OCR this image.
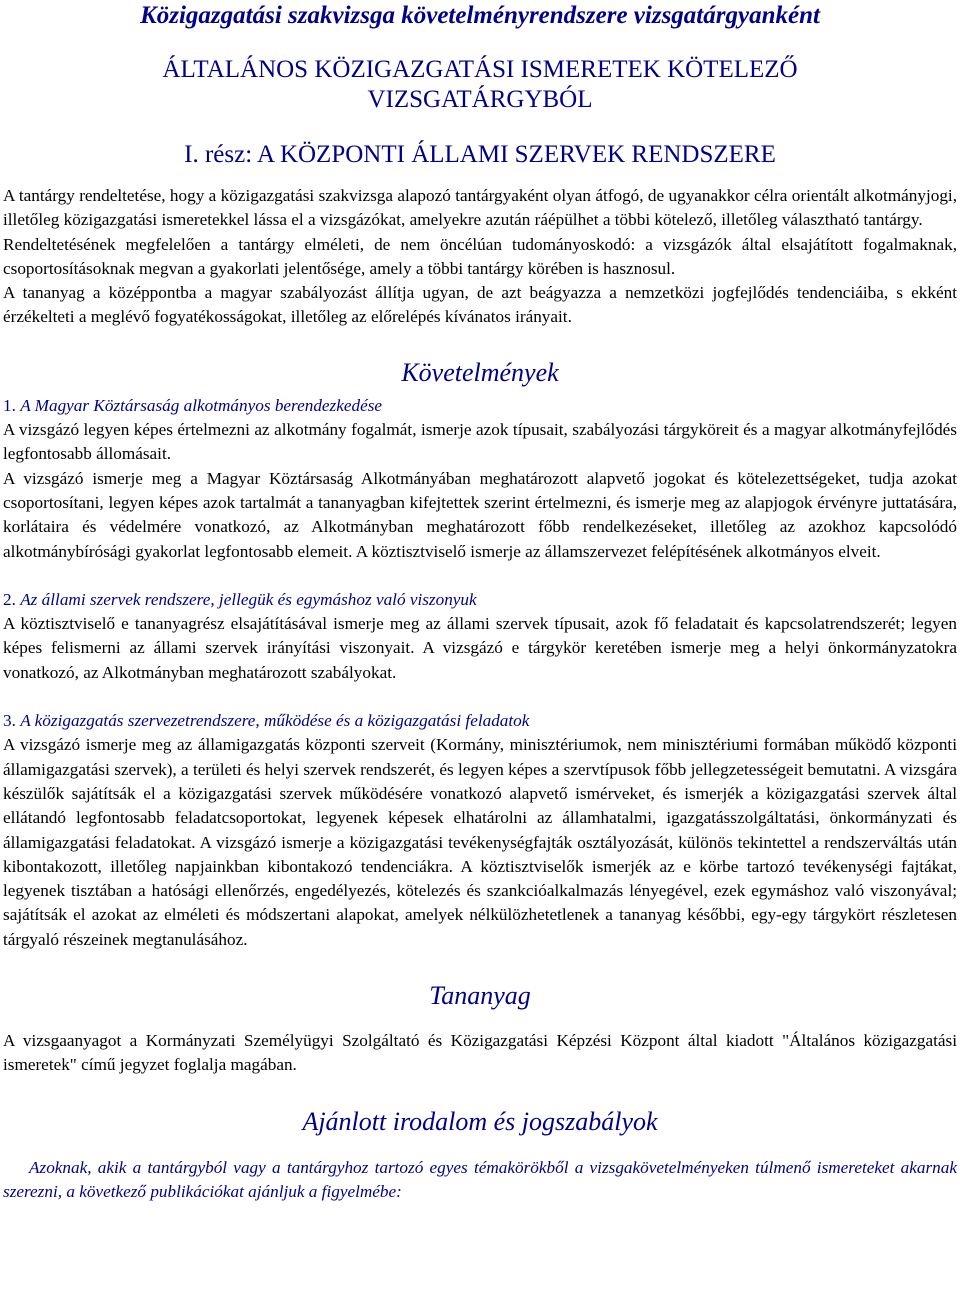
Közigazgatási szakvizsga követelményrendszere vizsgatárgyanként
ÁLTALÁNOS KÖZIGAZGATÁSI ISMERETEK KÖTELEZŐ
VIZSGATÁRGYBÓL
I. rész: A KÖZPONTI ÁLLAMI SZERVEK RENDSZERE

A tantárgy rendeltetése, hogy a közigazgatási szakvizsga alapozó tantárgyaként olyan átfogó, de ugyanakkor célra orientált alkotmányjogi, illetőleg közigazgatási ismeretekkel lássa el a vizsgázókat, amelyekre azután ráépülhet a többi kötelező, illetőleg választható tantárgy.

Rendeltetésének megfelelően a tantárgy elméleti, de nem öncélúan tudományoskodó: a vizsgázók által elsajátított fogalmaknak, csoportosításoknak megvan a gyakorlati jelentősége, amely a többi tantárgy körében is hasznosul.

A tananyag a középpontba a magyar szabályozást állítja ugyan, de azt beágyazza a nemzetközi jogfejlődés tendenciáiba, s ekként érzékelteti a meglévő fogyatékosságokat, illetőleg az előrelépés kívánatos irányait.

Követelmények
1. A Magyar Köztársaság alkotmányos berendezkedése

A vizsgázó legyen képes értelmezni az alkotmány fogalmát, ismerje azok típusait, szabályozási tárgyköreit és a magyar alkotmányfejlődés legfontosabb állomásait.

A vizsgázó ismerje meg a Magyar Köztársaság Alkotmányában meghatározott alapvető jogokat és kötelezettségeket, tudja azokat csoportosítani, legyen képes azok tartalmát a tananyagban kifejtettek szerint értelmezni, és ismerje meg az alapjogok érvényre juttatására, korlátaira és védelmére vonatkozó, az Alkotmányban meghatározott főbb rendelkezéseket, illetőleg az azokhoz kapcsolódó alkotmánybírósági gyakorlat legfontosabb elemeit. A köztisztviselő ismerje az államszervezet felépítésének alkotmányos elveit.

2. Az állami szervek rendszere, jellegük és egymáshoz való viszonyuk

A köztisztviselő e tananyagrész elsajátításával ismerje meg az állami szervek típusait, azok fő feladatait és kapcsolatrendszerét; legyen képes felismerni az állami szervek irányítási viszonyait. A vizsgázó e tárgykör keretében ismerje meg a helyi önkormányzatokra vonatkozó, az Alkotmányban meghatározott szabályokat.

3. A közigazgatás szervezetrendszere, működése és a közigazgatási feladatok

A vizsgázó ismerje meg az államigazgatás központi szerveit (Kormány, minisztériumok, nem minisztériumi formában működő központi államigazgatási szervek), a területi és helyi szervek rendszerét, és legyen képes a szervtípusok főbb jellegzetességeit bemutatni. A vizsgára készülők sajátítsák el a közigazgatási szervek működésére vonatkozó alapvető ismérveket, és ismerjék a közigazgatási szervek által ellátandó legfontosabb feladatcsoportokat, legyenek képesek elhatárolni az államhatalmi, igazgatásszolgáltatási, önkormányzati és államigazgatási feladatokat. A vizsgázó ismerje a közigazgatási tevékenységfajták osztályozását, különös tekintettel a rendszerváltás után kibontakozott, illetőleg napjainkban kibontakozó tendenciákra. A köztisztviselők ismerjék az e körbe tartozó tevékenységi fajtákat, legyenek tisztában a hatósági ellenőrzés, engedélyezés, kötelezés és szankcióalkalmazás lényegével, ezek egymáshoz való viszonyával; sajátítsák el azokat az elméleti és módszertani alapokat, amelyek nélkülözhetetlenek a tananyag későbbi, egy-egy tárgykört részletesen tárgyaló részeinek megtanulásához.

Tananyag

A vizsgaanyagot a Kormányzati Személyügyi Szolgáltató és Közigazgatási Képzési Központ által kiadott "Általános közigazgatási ismeretek" című jegyzet foglalja magában.

Ajánlott irodalom és jogszabályok

Azoknak, akik a tantárgyból vagy a tantárgyhoz tartozó egyes témakörökből a vizsgakövetelményeken túlmenő ismereteket akarnak szerezni, a következő publikációkat ajánljuk a figyelmébe:
